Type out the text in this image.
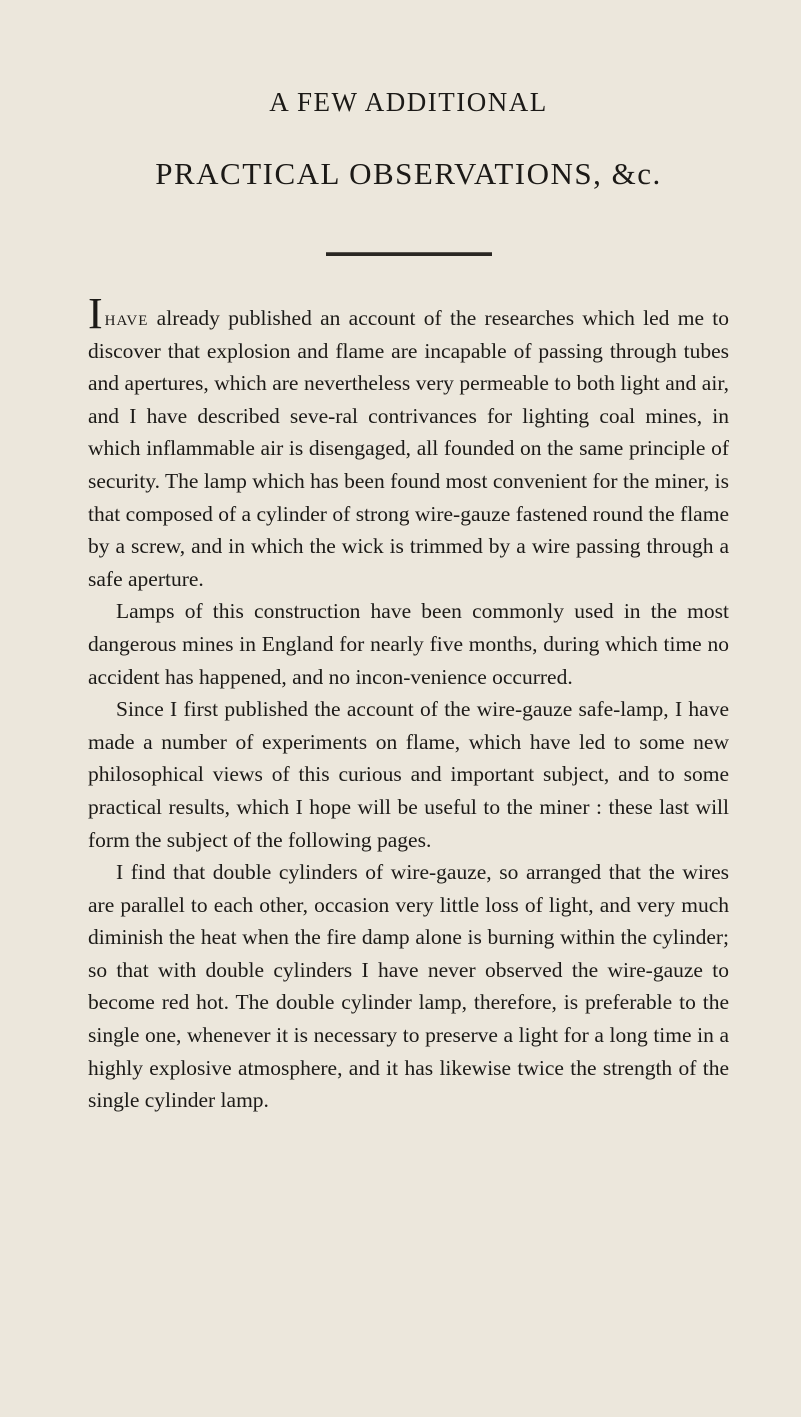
A FEW ADDITIONAL
PRACTICAL OBSERVATIONS, &c.

Ihave already published an account of the researches which led me to discover that explosion and flame are incapable of passing through tubes and apertures, which are nevertheless very permeable to both light and air, and I have described seve-ral contrivances for lighting coal mines, in which inflammable air is disengaged, all founded on the same principle of security. The lamp which has been found most convenient for the miner, is that composed of a cylinder of strong wire-gauze fastened round the flame by a screw, and in which the wick is trimmed by a wire passing through a safe aperture.

Lamps of this construction have been commonly used in the most dangerous mines in England for nearly five months, during which time no accident has happened, and no incon-venience occurred.

Since I first published the account of the wire-gauze safe-lamp, I have made a number of experiments on flame, which have led to some new philosophical views of this curious and important subject, and to some practical results, which I hope will be useful to the miner : these last will form the subject of the following pages.

I find that double cylinders of wire-gauze, so arranged that the wires are parallel to each other, occasion very little loss of light, and very much diminish the heat when the fire damp alone is burning within the cylinder; so that with double cylinders I have never observed the wire-gauze to become red hot. The double cylinder lamp, therefore, is preferable to the single one, whenever it is necessary to preserve a light for a long time in a highly explosive atmosphere, and it has likewise twice the strength of the single cylinder lamp.
